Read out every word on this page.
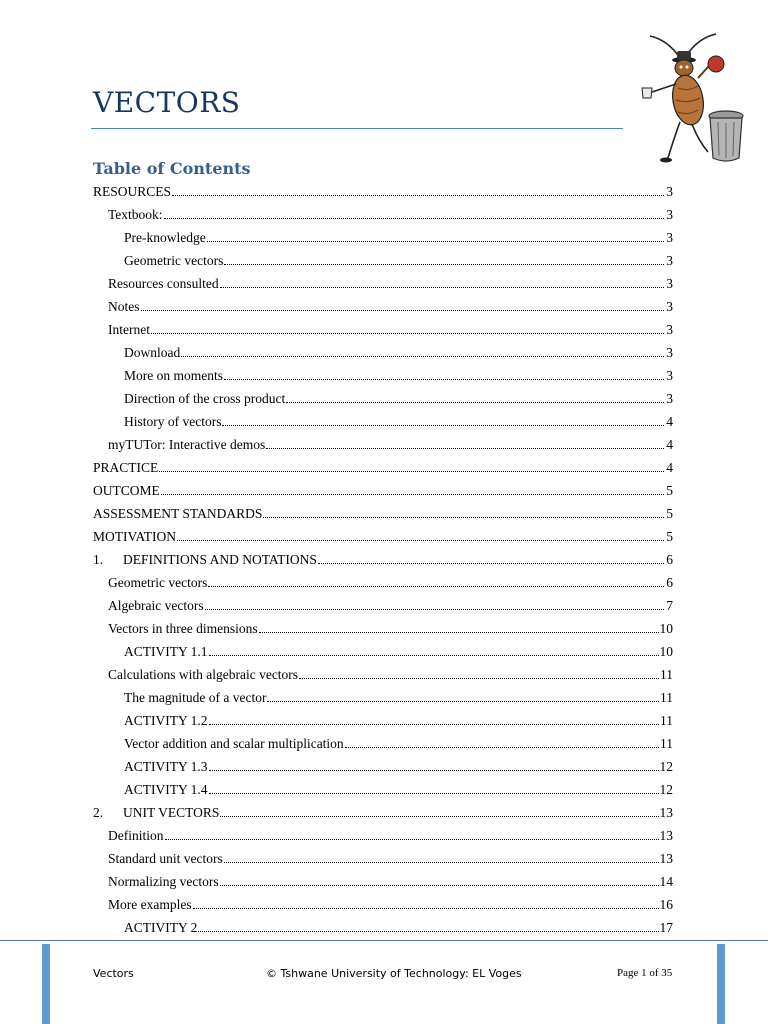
VECTORS
Table of Contents
RESOURCES	3
Textbook:	3
Pre-knowledge	3
Geometric vectors	3
Resources consulted	3
Notes	3
Internet	3
Download	3
More on moments	3
Direction of the cross product	3
History of vectors	4
myTUTor: Interactive demos	4
PRACTICE	4
OUTCOME	5
ASSESSMENT STANDARDS	5
MOTIVATION	5
1.	DEFINITIONS AND NOTATIONS	6
Geometric vectors	6
Algebraic vectors	7
Vectors in three dimensions	10
ACTIVITY 1.1	10
Calculations with algebraic vectors	11
The magnitude of a vector	11
ACTIVITY 1.2	11
Vector addition and scalar multiplication	11
ACTIVITY 1.3	12
ACTIVITY 1.4	12
2.	UNIT VECTORS	13
Definition	13
Standard unit vectors	13
Normalizing vectors	14
More examples	16
ACTIVITY 2	17
Vectors	© Tshwane University of Technology: EL Voges	Page 1 of 35
